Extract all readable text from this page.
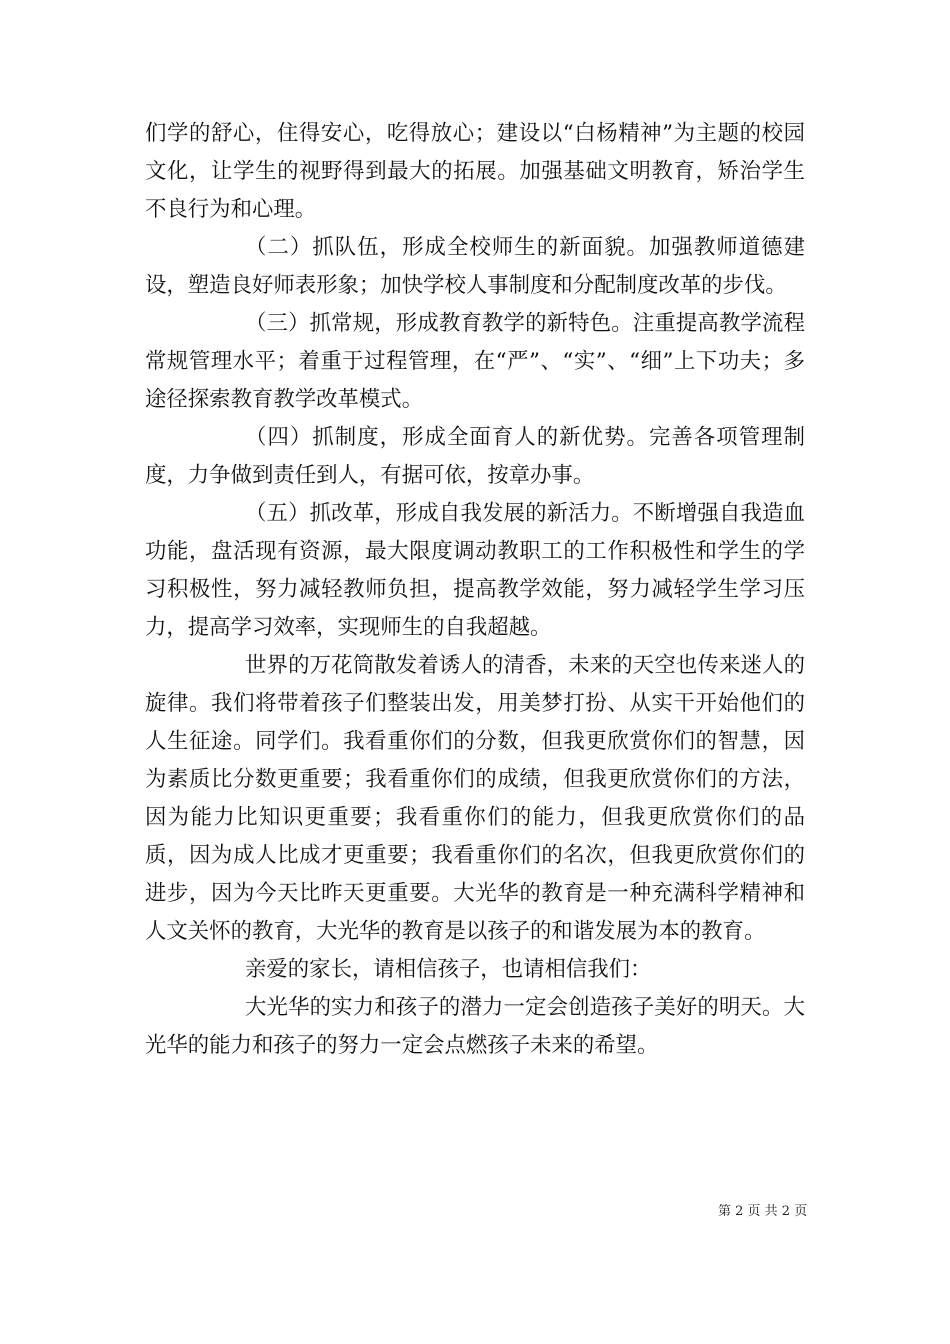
们学的舒心，住得安心，吃得放心；建设以“白杨精神”为主题的校园文化，让学生的视野得到最大的拓展。加强基础文明教育，矫治学生不良行为和心理。

（二）抓队伍，形成全校师生的新面貌。加强教师道德建设，塑造良好师表形象；加快学校人事制度和分配制度改革的步伐。

（三）抓常规，形成教育教学的新特色。注重提高教学流程常规管理水平；着重于过程管理，在“严”、“实”、“细”上下功夫；多途径探索教育教学改革模式。

（四）抓制度，形成全面育人的新优势。完善各项管理制度，力争做到责任到人，有据可依，按章办事。

（五）抓改革，形成自我发展的新活力。不断增强自我造血功能，盘活现有资源，最大限度调动教职工的工作积极性和学生的学习积极性，努力减轻教师负担，提高教学效能，努力减轻学生学习压力，提高学习效率，实现师生的自我超越。

世界的万花筒散发着诱人的清香，未来的天空也传来迷人的旋律。我们将带着孩子们整装出发，用美梦打扮、从实干开始他们的人生征途。同学们。我看重你们的分数，但我更欣赏你们的智慧，因为素质比分数更重要；我看重你们的成绩，但我更欣赏你们的方法，因为能力比知识更重要；我看重你们的能力，但我更欣赏你们的品质，因为成人比成才更重要；我看重你们的名次，但我更欣赏你们的进步，因为今天比昨天更重要。大光华的教育是一种充满科学精神和人文关怀的教育，大光华的教育是以孩子的和谐发展为本的教育。

亲爱的家长，请相信孩子，也请相信我们：

大光华的实力和孩子的潜力一定会创造孩子美好的明天。大光华的能力和孩子的努力一定会点燃孩子未来的希望。

第 2 页 共 2 页
